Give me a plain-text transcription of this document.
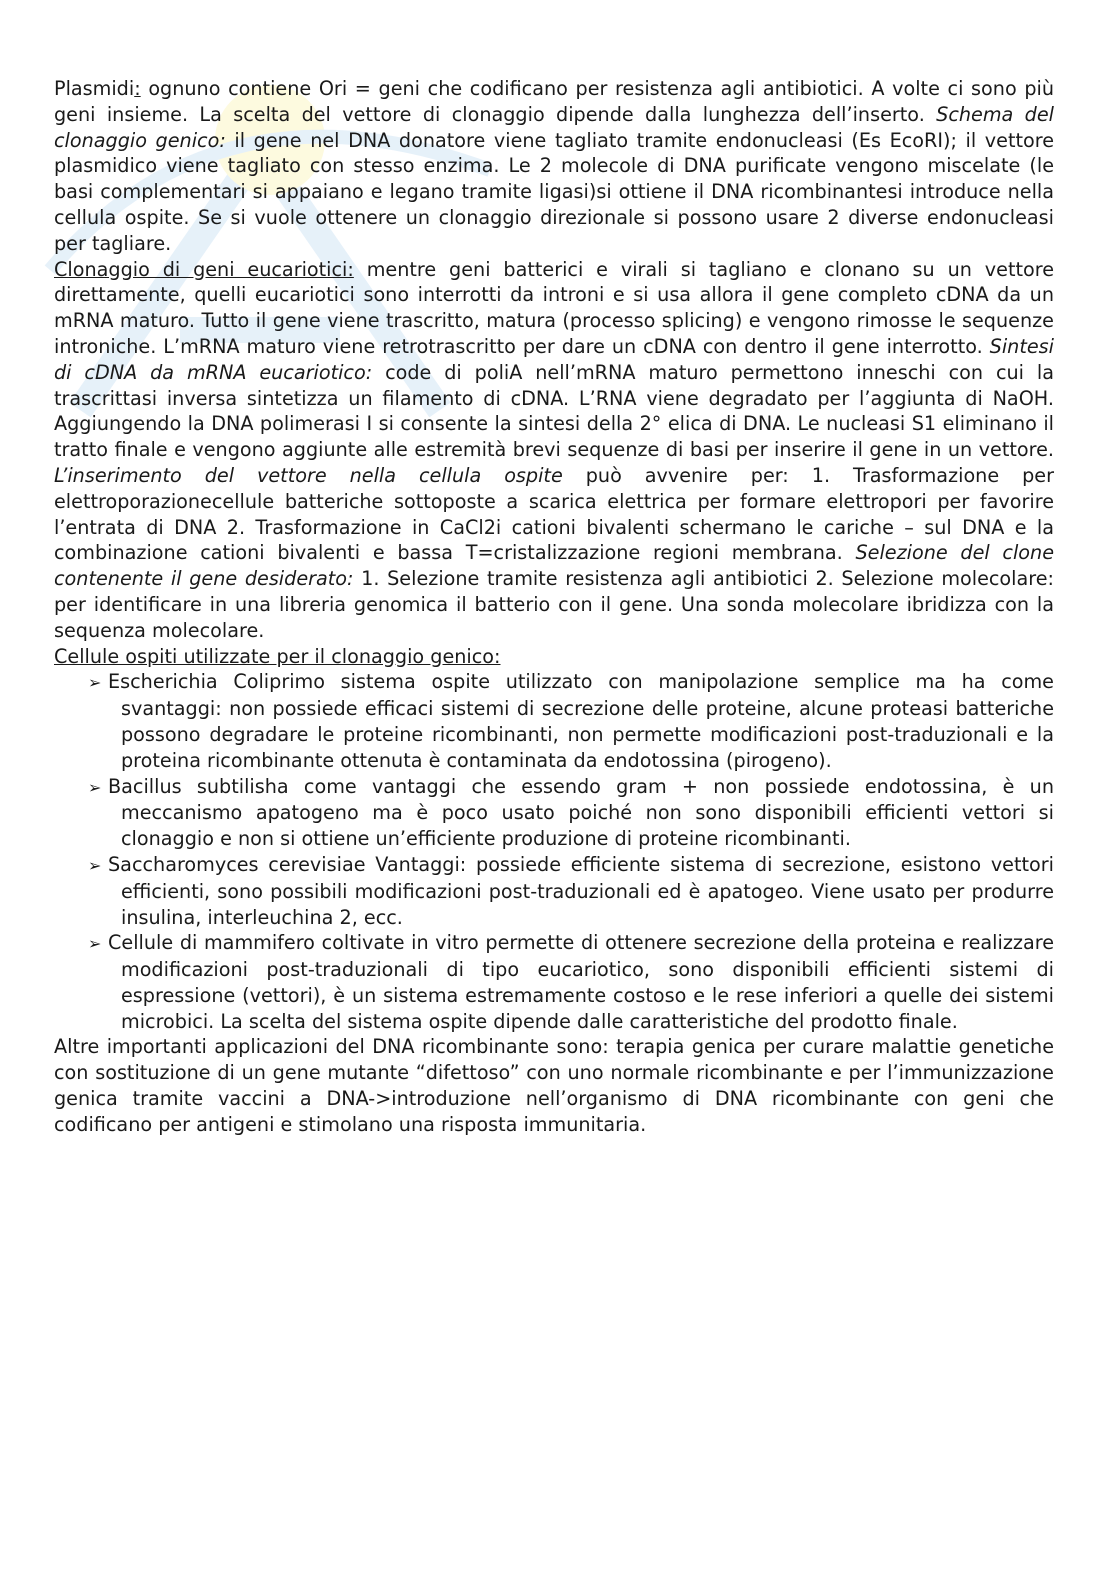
Plasmidi: ognuno contiene Ori = geni che codificano per resistenza agli antibiotici. A volte ci sono più geni insieme. La scelta del vettore di clonaggio dipende dalla lunghezza dell’inserto. Schema del clonaggio genico: il gene nel DNA donatore viene tagliato tramite endonucleasi (Es EcoRI); il vettore plasmidico viene tagliato con stesso enzima. Le 2 molecole di DNA purificate vengono miscelate (le basi complementari si appaiano e legano tramite ligasi)si ottiene il DNA ricombinantesi introduce nella cellula ospite. Se si vuole ottenere un clonaggio direzionale si possono usare 2 diverse endonucleasi per tagliare.

Clonaggio di geni eucariotici: mentre geni batterici e virali si tagliano e clonano su un vettore direttamente, quelli eucariotici sono interrotti da introni e si usa allora il gene completo cDNA da un mRNA maturo. Tutto il gene viene trascritto, matura (processo splicing) e vengono rimosse le sequenze introniche. L’mRNA maturo viene retrotrascritto per dare un cDNA con dentro il gene interrotto. Sintesi di cDNA da mRNA eucariotico: code di poliA nell’mRNA maturo permettono inneschi con cui la trascrittasi inversa sintetizza un filamento di cDNA. L’RNA viene degradato per l’aggiunta di NaOH. Aggiungendo la DNA polimerasi I si consente la sintesi della 2° elica di DNA. Le nucleasi S1 eliminano il tratto finale e vengono aggiunte alle estremità brevi sequenze di basi per inserire il gene in un vettore. L’inserimento del vettore nella cellula ospite può avvenire per: 1. Trasformazione per elettroporazionecellule batteriche sottoposte a scarica elettrica per formare elettropori per favorire l’entrata di DNA 2. Trasformazione in CaCl2i cationi bivalenti schermano le cariche – sul DNA e la combinazione cationi bivalenti e bassa T=cristalizzazione regioni membrana. Selezione del clone contenente il gene desiderato: 1. Selezione tramite resistenza agli antibiotici 2. Selezione molecolare: per identificare in una libreria genomica il batterio con il gene. Una sonda molecolare ibridizza con la sequenza molecolare.

Cellule ospiti utilizzate per il clonaggio genico:

➢ Escherichia Coliprimo sistema ospite utilizzato con manipolazione semplice ma ha come svantaggi: non possiede efficaci sistemi di secrezione delle proteine, alcune proteasi batteriche possono degradare le proteine ricombinanti, non permette modificazioni post-traduzionali e la proteina ricombinante ottenuta è contaminata da endotossina (pirogeno).
➢ Bacillus subtilisha come vantaggi che essendo gram + non possiede endotossina, è un meccanismo apatogeno ma è poco usato poiché non sono disponibili efficienti vettori si clonaggio e non si ottiene un’efficiente produzione di proteine ricombinanti.
➢ Saccharomyces cerevisiae Vantaggi: possiede efficiente sistema di secrezione, esistono vettori efficienti, sono possibili modificazioni post-traduzionali ed è apatogeo. Viene usato per produrre insulina, interleuchina 2, ecc.
➢ Cellule di mammifero coltivate in vitro permette di ottenere secrezione della proteina e realizzare modificazioni post-traduzionali di tipo eucariotico, sono disponibili efficienti sistemi di espressione (vettori), è un sistema estremamente costoso e le rese inferiori a quelle dei sistemi microbici. La scelta del sistema ospite dipende dalle caratteristiche del prodotto finale.

Altre importanti applicazioni del DNA ricombinante sono: terapia genica per curare malattie genetiche con sostituzione di un gene mutante “difettoso” con uno normale ricombinante e per l’immunizzazione genica tramite vaccini a DNA->introduzione nell’organismo di DNA ricombinante con geni che codificano per antigeni e stimolano una risposta immunitaria.
